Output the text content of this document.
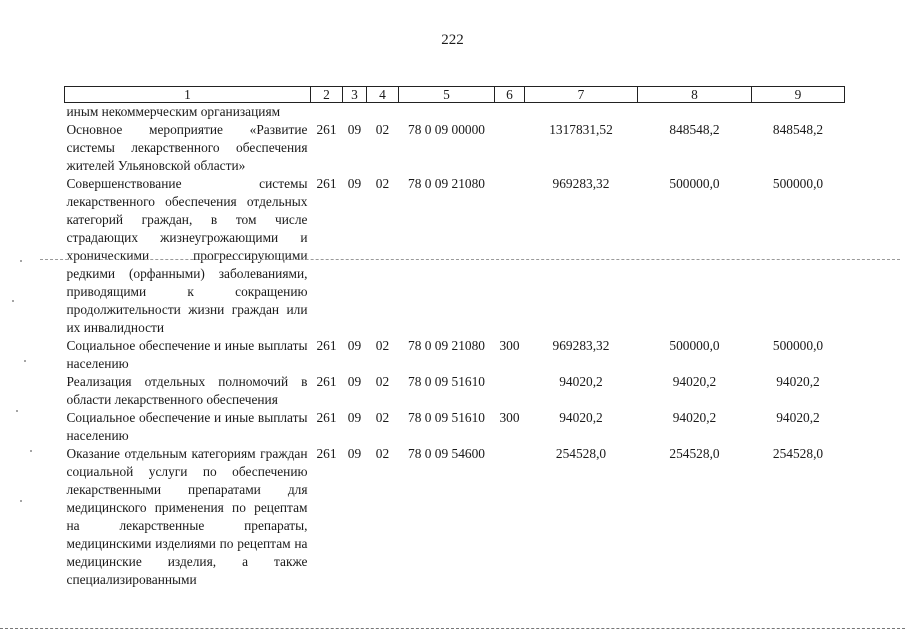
222
1	2	3	4	5	6	7	8	9
иным некоммерческим организациям								
Основное мероприятие «Развитие системы лекарственного обеспечения жителей Ульяновской области»	261	09	02	78 0 09 00000		1317831,52	848548,2	848548,2
Совершенствование системы лекарственного обеспечения отдельных категорий граждан, в том числе страдающих жизнеугрожающими и хроническими прогрессирующими редкими (орфанными) заболеваниями, приводящими к сокращению продолжительности жизни граждан или их инвалидности	261	09	02	78 0 09 21080		969283,32	500000,0	500000,0
Социальное обеспечение и иные выплаты населению	261	09	02	78 0 09 21080	300	969283,32	500000,0	500000,0
Реализация отдельных полномочий в области лекарственного обеспечения	261	09	02	78 0 09 51610		94020,2	94020,2	94020,2
Социальное обеспечение и иные выплаты населению	261	09	02	78 0 09 51610	300	94020,2	94020,2	94020,2
Оказание отдельным категориям граждан социальной услуги по обеспечению лекарственными препаратами для медицинского применения по рецептам на лекарственные препараты, медицинскими изделиями по рецептам на медицинские изделия, а также специализированными	261	09	02	78 0 09 54600		254528,0	254528,0	254528,0
